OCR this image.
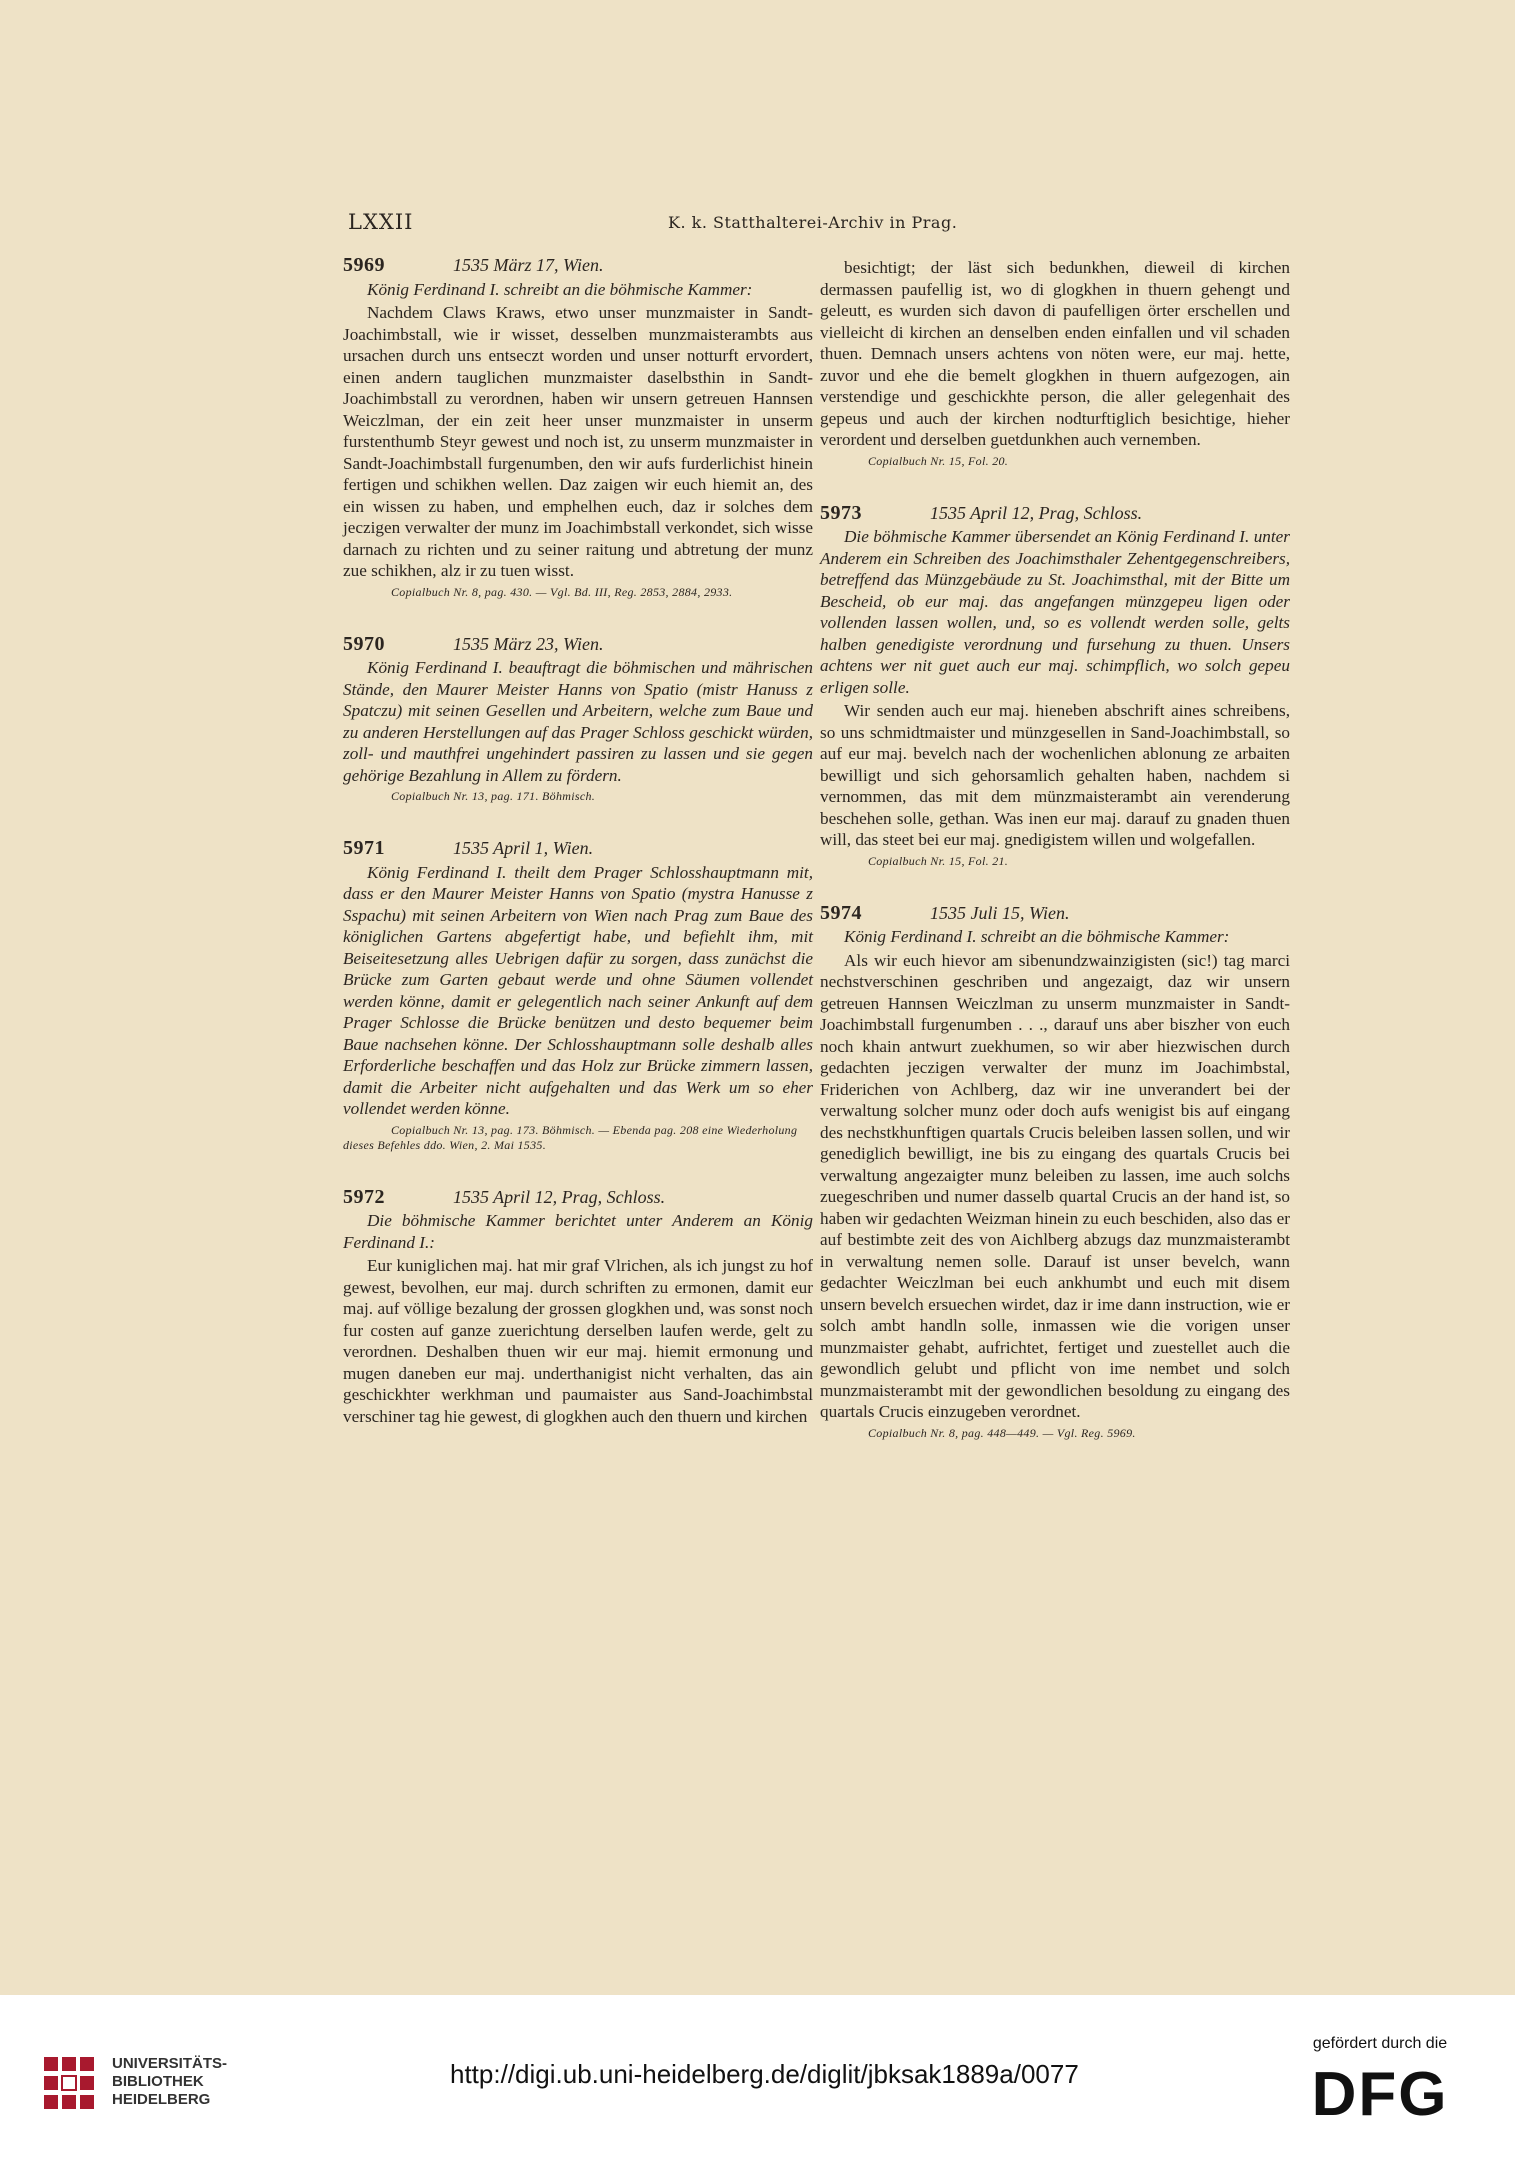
LXXII	K. k. Statthalterei-Archiv in Prag.
5969	1535 März 17, Wien.
König Ferdinand I. schreibt an die böhmische Kammer:
Nachdem Claws Kraws, etwo unser munzmaister in Sandt-Joachimbstall, wie ir wisset, desselben munzmaisterambts aus ursachen durch uns entseczt worden und unser notturft ervordert, einen andern tauglichen munzmaister daselbsthin in Sandt-Joachimbstall zu verordnen, haben wir unsern getreuen Hannsen Weiczlman, der ein zeit heer unser munzmaister in unserm furstenthumb Steyr gewest und noch ist, zu unserm munzmaister in Sandt-Joachimbstall furgenumben, den wir aufs furderlichist hinein fertigen und schikhen wellen. Daz zaigen wir euch hiemit an, des ein wissen zu haben, und emphelhen euch, daz ir solches dem jeczigen verwalter der munz im Joachimbstall verkondet, sich wisse darnach zu richten und zu seiner raitung und abtretung der munz zue schikhen, alz ir zu tuen wisst.
Copialbuch Nr. 8, pag. 430. — Vgl. Bd. III, Reg. 2853, 2884, 2933.
5970	1535 März 23, Wien.
König Ferdinand I. beauftragt die böhmischen und mährischen Stände, den Maurer Meister Hanns von Spatio (mistr Hanuss z Spatczu) mit seinen Gesellen und Arbeitern, welche zum Baue und zu anderen Herstellungen auf das Prager Schloss geschickt würden, zoll- und mauthfrei ungehindert passiren zu lassen und sie gegen gehörige Bezahlung in Allem zu fördern.
Copialbuch Nr. 13, pag. 171. Böhmisch.
5971	1535 April 1, Wien.
König Ferdinand I. theilt dem Prager Schlosshauptmann mit, dass er den Maurer Meister Hanns von Spatio (mystra Hanusse z Sspachu) mit seinen Arbeitern von Wien nach Prag zum Baue des königlichen Gartens abgefertigt habe, und befiehlt ihm, mit Beiseitesetzung alles Uebrigen dafür zu sorgen, dass zunächst die Brücke zum Garten gebaut werde und ohne Säumen vollendet werden könne, damit er gelegentlich nach seiner Ankunft auf dem Prager Schlosse die Brücke benützen und desto bequemer beim Baue nachsehen könne. Der Schlosshauptmann solle deshalb alles Erforderliche beschaffen und das Holz zur Brücke zimmern lassen, damit die Arbeiter nicht aufgehalten und das Werk um so eher vollendet werden könne.
Copialbuch Nr. 13, pag. 173. Böhmisch. — Ebenda pag. 208 eine Wiederholung dieses Befehles ddo. Wien, 2. Mai 1535.
5972	1535 April 12, Prag, Schloss.
Die böhmische Kammer berichtet unter Anderem an König Ferdinand I.:
Eur kuniglichen maj. hat mir graf Vlrichen, als ich jungst zu hof gewest, bevolhen, eur maj. durch schriften zu ermonen, damit eur maj. auf völlige bezalung der grossen glogkhen und, was sonst noch fur costen auf ganze zuerichtung derselben laufen werde, gelt zu verordnen. Deshalben thuen wir eur maj. hiemit ermonung und mugen daneben eur maj. underthanigist nicht verhalten, das ain geschickhter werkhman und paumaister aus Sand-Joachimbstal verschiner tag hie gewest, di glogkhen auch den thuern und kirchen
besichtigt; der läst sich bedunkhen, dieweil di kirchen dermassen paufellig ist, wo di glogkhen in thuern gehengt und geleutt, es wurden sich davon di paufelligen örter erschellen und vielleicht di kirchen an denselben enden einfallen und vil schaden thuen. Demnach unsers achtens von nöten were, eur maj. hette, zuvor und ehe die bemelt glogkhen in thuern aufgezogen, ain verstendige und geschickhte person, die aller gelegenhait des gepeus und auch der kirchen nodturftiglich besichtige, hieher verordent und derselben guetdunkhen auch vernemben.
Copialbuch Nr. 15, Fol. 20.
5973	1535 April 12, Prag, Schloss.
Die böhmische Kammer übersendet an König Ferdinand I. unter Anderem ein Schreiben des Joachimsthaler Zehentgegenschreibers, betreffend das Münzgebäude zu St. Joachimsthal, mit der Bitte um Bescheid, ob eur maj. das angefangen münzgepeu ligen oder vollenden lassen wollen, und, so es vollendt werden solle, gelts halben genedigiste verordnung und fursehung zu thuen. Unsers achtens wer nit guet auch eur maj. schimpflich, wo solch gepeu erligen solle.
Wir senden auch eur maj. hieneben abschrift aines schreibens, so uns schmidtmaister und münzgesellen in Sand-Joachimbstall, so auf eur maj. bevelch nach der wochenlichen ablonung ze arbaiten bewilligt und sich gehorsamlich gehalten haben, nachdem si vernommen, das mit dem münzmaisterambt ain verenderung beschehen solle, gethan. Was inen eur maj. darauf zu gnaden thuen will, das steet bei eur maj. gnedigistem willen und wolgefallen.
Copialbuch Nr. 15, Fol. 21.
5974	1535 Juli 15, Wien.
König Ferdinand I. schreibt an die böhmische Kammer:
Als wir euch hievor am sibenundzwainzigisten (sic!) tag marci nechstverschinen geschriben und angezaigt, daz wir unsern getreuen Hannsen Weiczlman zu unserm munzmaister in Sandt-Joachimbstall furgenumben . . ., darauf uns aber biszher von euch noch khain antwurt zuekhumen, so wir aber hiezwischen durch gedachten jeczigen verwalter der munz im Joachimbstal, Friderichen von Achlberg, daz wir ine unverandert bei der verwaltung solcher munz oder doch aufs wenigist bis auf eingang des nechstkhunftigen quartals Crucis beleiben lassen sollen, und wir genediglich bewilligt, ine bis zu eingang des quartals Crucis bei verwaltung angezaigter munz beleiben zu lassen, ime auch solchs zuegeschriben und numer dasselb quartal Crucis an der hand ist, so haben wir gedachten Weizman hinein zu euch beschiden, also das er auf bestimbte zeit des von Aichlberg abzugs daz munzmaisterambt in verwaltung nemen solle. Darauf ist unser bevelch, wann gedachter Weiczlman bei euch ankhumbt und euch mit disem unsern bevelch ersuechen wirdet, daz ir ime dann instruction, wie er solch ambt handln solle, inmassen wie die vorigen unser munzmaister gehabt, aufrichtet, fertiget und zuestellet auch die gewondlich gelubt und pflicht von ime nembet und solch munzmaisterambt mit der gewondlichen besoldung zu eingang des quartals Crucis einzugeben verordnet.
Copialbuch Nr. 8, pag. 448—449. — Vgl. Reg. 5969.
UNIVERSITÄTS-
BIBLIOTHEK
HEIDELBERG
http://digi.ub.uni-heidelberg.de/diglit/jbksak1889a/0077
gefördert durch die
DFG
